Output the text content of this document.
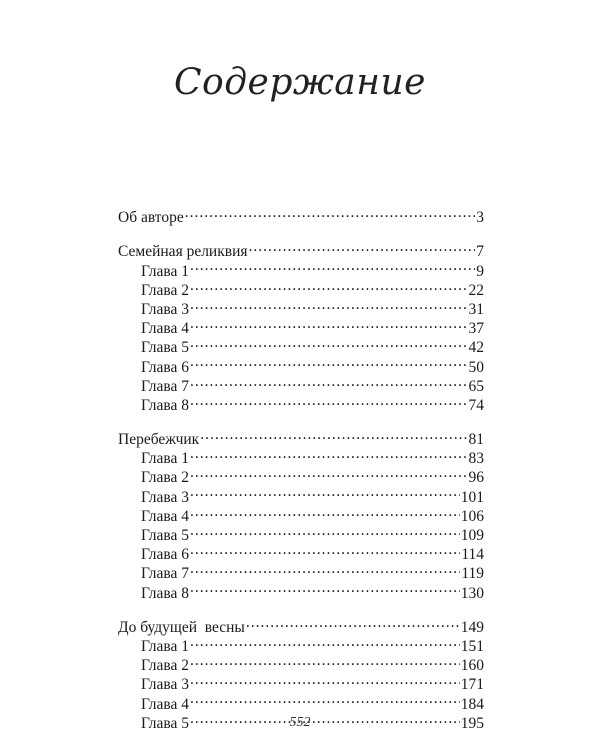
Содержание
Об авторе .....	3
Семейная реликвия .....	7
Глава 1 .....	9
Глава 2 .....	22
Глава 3 .....	31
Глава 4 .....	37
Глава 5 .....	42
Глава 6 .....	50
Глава 7 .....	65
Глава 8 .....	74
Перебежчик .....	81
Глава 1 .....	83
Глава 2 .....	96
Глава 3 .....	101
Глава 4 .....	106
Глава 5 .....	109
Глава 6 .....	114
Глава 7 .....	119
Глава 8 .....	130
До будущей  весны .....	149
Глава 1 .....	151
Глава 2 .....	160
Глава 3 .....	171
Глава 4 .....	184
Глава 5 .....	195
552
